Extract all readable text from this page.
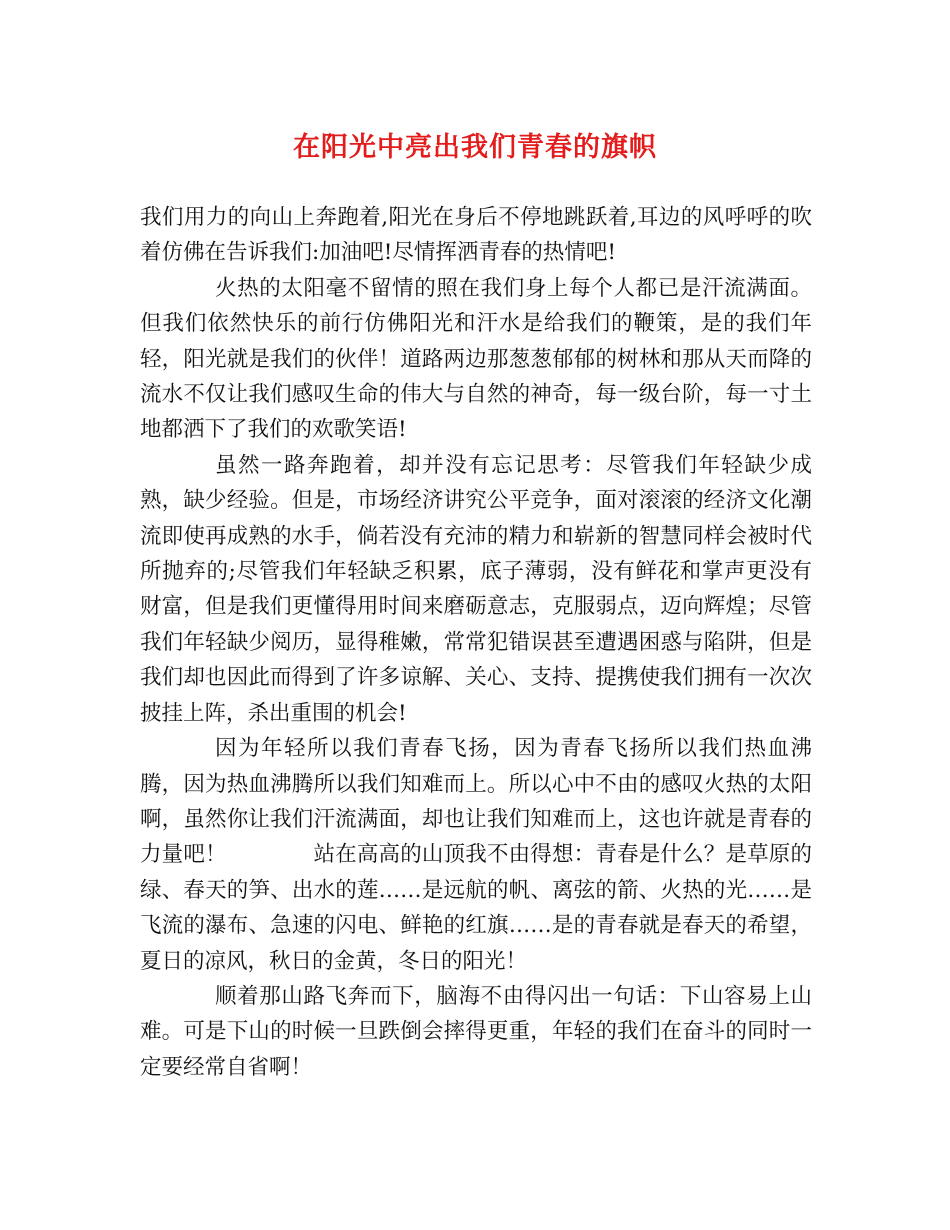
在阳光中亮出我们青春的旗帜

我们用力的向山上奔跑着,阳光在身后不停地跳跃着,耳边的风呼呼的吹着仿佛在告诉我们:加油吧!尽情挥洒青春的热情吧!

火热的太阳毫不留情的照在我们身上每个人都已是汗流满面。但我们依然快乐的前行仿佛阳光和汗水是给我们的鞭策，是的我们年轻，阳光就是我们的伙伴！道路两边那葱葱郁郁的树林和那从天而降的流水不仅让我们感叹生命的伟大与自然的神奇，每一级台阶，每一寸土地都洒下了我们的欢歌笑语!

虽然一路奔跑着，却并没有忘记思考：尽管我们年轻缺少成熟，缺少经验。但是，市场经济讲究公平竞争，面对滚滚的经济文化潮流即使再成熟的水手，倘若没有充沛的精力和崭新的智慧同样会被时代所抛弃的;尽管我们年轻缺乏积累，底子薄弱，没有鲜花和掌声更没有财富，但是我们更懂得用时间来磨砺意志，克服弱点，迈向辉煌；尽管我们年轻缺少阅历，显得稚嫩，常常犯错误甚至遭遇困惑与陷阱，但是我们却也因此而得到了许多谅解、关心、支持、提携使我们拥有一次次披挂上阵，杀出重围的机会!

因为年轻所以我们青春飞扬，因为青春飞扬所以我们热血沸腾，因为热血沸腾所以我们知难而上。所以心中不由的感叹火热的太阳啊，虽然你让我们汗流满面，却也让我们知难而上，这也许就是青春的力量吧！　　　　站在高高的山顶我不由得想：青春是什么？是草原的绿、春天的笋、出水的莲……是远航的帆、离弦的箭、火热的光……是飞流的瀑布、急速的闪电、鲜艳的红旗……是的青春就是春天的希望，夏日的凉风，秋日的金黄，冬日的阳光！

顺着那山路飞奔而下，脑海不由得闪出一句话：下山容易上山难。可是下山的时候一旦跌倒会摔得更重，年轻的我们在奋斗的同时一定要经常自省啊！
